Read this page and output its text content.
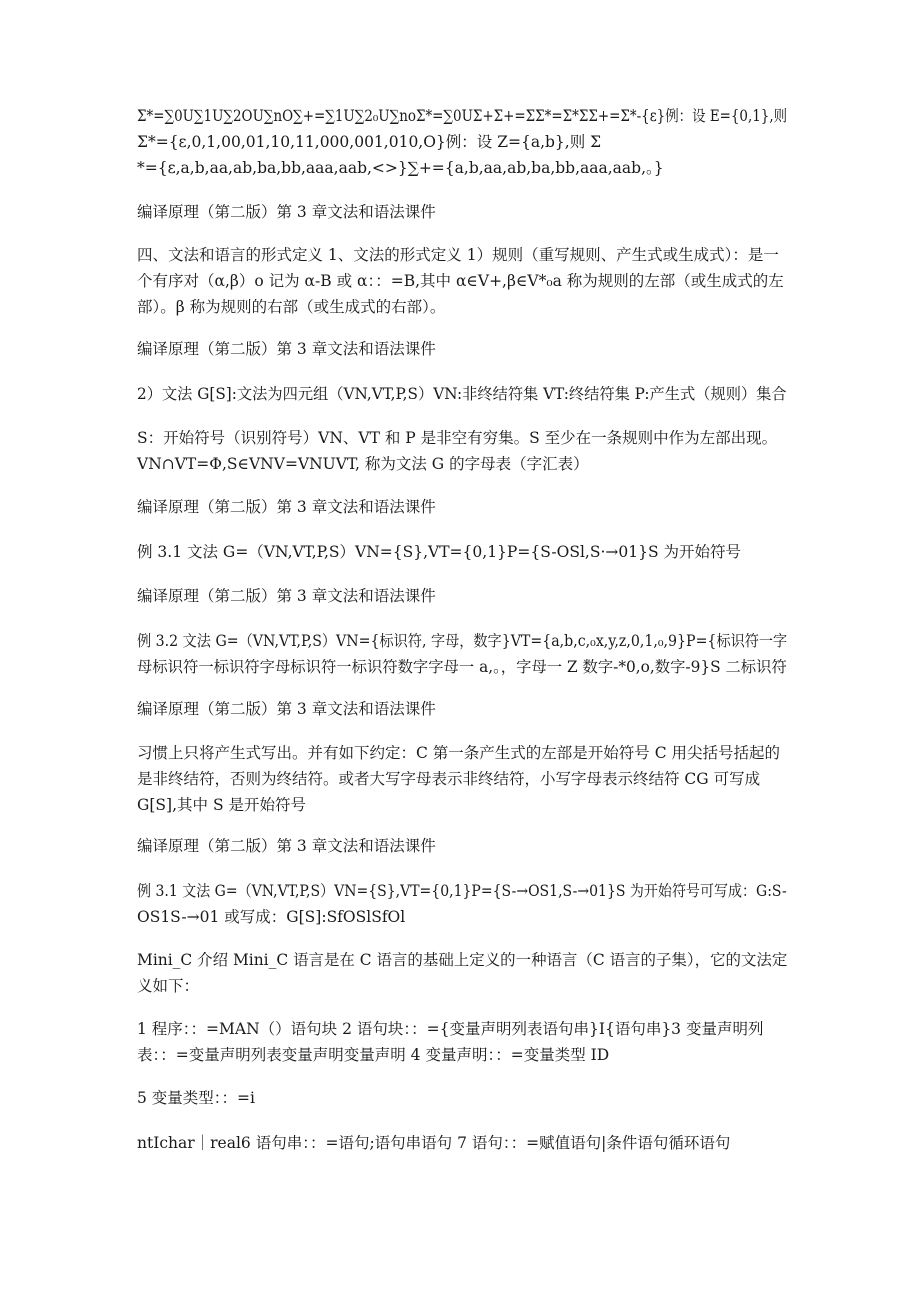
Σ*=∑0U∑1U∑2OU∑nO∑+=∑1U∑2₀U∑noΣ*=∑0UΣ+Σ+=ΣΣ*=Σ*ΣΣ+=Σ*-{ε}例：设 E={0,1},则
Σ*={ε,0,1,00,01,10,11,000,001,010,O}例：设 Z={a,b},则 Σ
*={ε,a,b,aa,ab,ba,bb,aaa,aab,<>}∑+={a,b,aa,ab,ba,bb,aaa,aab,。}
编译原理（第二版）第 3 章文法和语法课件
四、文法和语言的形式定义 1、文法的形式定义 1）规则（重写规则、产生式或生成式）：是一
个有序对（α,β）o 记为 α-B 或 α：：=B,其中 α∈V+,β∈V*₀a 称为规则的左部（或生成式的左
部）。β 称为规则的右部（或生成式的右部）。
编译原理（第二版）第 3 章文法和语法课件
2）文法 G[S]:文法为四元组（VN,VT,P,S）VN:非终结符集 VT:终结符集 P:产生式（规则）集合
S：开始符号（识别符号）VN、VT 和 P 是非空有穷集。S 至少在一条规则中作为左部出现。
VN∩VT=Φ,S∈VNV=VNUVT, 称为文法 G 的字母表（字汇表）
编译原理（第二版）第 3 章文法和语法课件
例 3.1 文法 G=（VN,VT,P,S）VN={S},VT={0,1}P={S-OSl,S·→01}S 为开始符号
编译原理（第二版）第 3 章文法和语法课件
例 3.2 文法 G=（VN,VT,P,S）VN={标识符, 字母，数字}VT={a,b,c,₀x,y,z,0,1,₀,9}P={标识符一字 母标识符一标识符字母标识符一标识符数字字母一 a,。，字母一 Z 数字-*0,o,数字-9}S 二标识符
编译原理（第二版）第 3 章文法和语法课件
习惯上只将产生式写出。并有如下约定：C 第一条产生式的左部是开始符号 C 用尖括号括起的
是非终结符，否则为终结符。或者大写字母表示非终结符，小写字母表示终结符 CG 可写成
G[S],其中 S 是开始符号
编译原理（第二版）第 3 章文法和语法课件
例 3.1 文法 G=（VN,VT,P,S）VN={S},VT={0,1}P={S-→OS1,S-→01}S 为开始符号可写成：G:S-
OS1S-→01 或写成：G[S]:SfOSlSfOl
Mini_C 介绍 Mini_C 语言是在 C 语言的基础上定义的一种语言（C 语言的子集），它的文法定
义如下：
1 程序：：=MAN（）语句块 2 语句块：：={变量声明列表语句串}I{语句串}3 变量声明列
表：：=变量声明列表变量声明变量声明 4 变量声明：：=变量类型 ID
5 变量类型：：=i
ntIchar｜real6 语句串：：=语句;语句串语句 7 语句：：=赋值语句|条件语句循环语句
